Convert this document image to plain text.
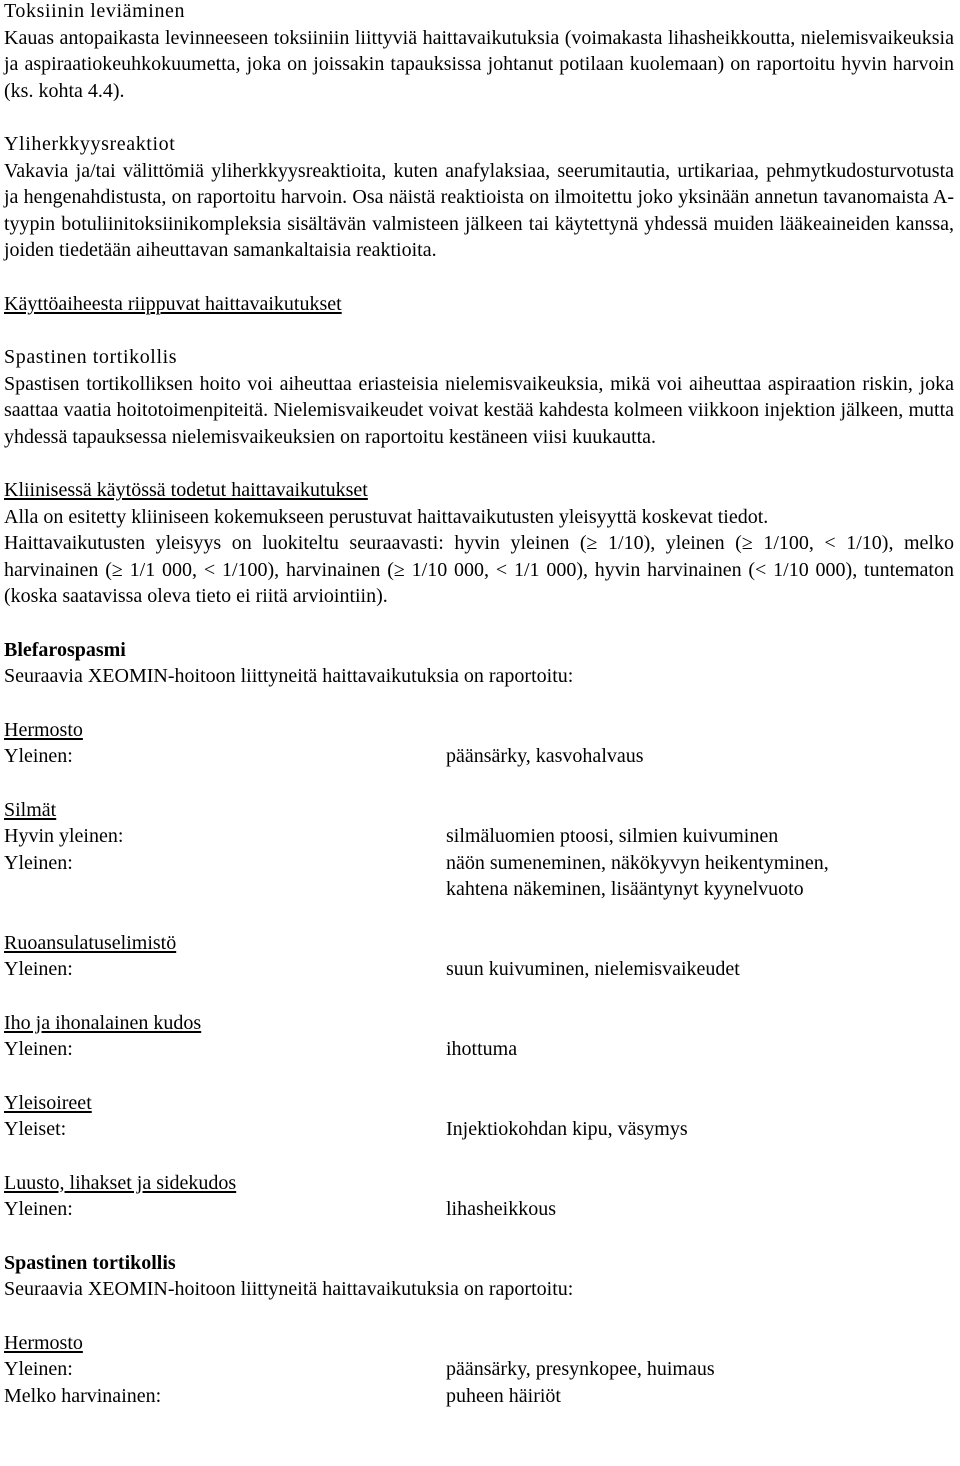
Toksiinin leviäminen

Kauas antopaikasta levinneeseen toksiiniin liittyviä haittavaikutuksia (voimakasta lihasheikkoutta, nielemisvaikeuksia ja aspiraatiokeuhkokuumetta, joka on joissakin tapauksissa johtanut potilaan kuolemaan) on raportoitu hyvin harvoin (ks. kohta 4.4).

Yliherkkyysreaktiot

Vakavia ja/tai välittömiä yliherkkyysreaktioita, kuten anafylaksiaa, seerumitautia, urtikariaa, pehmytkudosturvotusta ja hengenahdistusta, on raportoitu harvoin. Osa näistä reaktioista on ilmoitettu joko yksinään annetun tavanomaista A-tyypin botuliinitoksiinikompleksia sisältävän valmisteen jälkeen tai käytettynä yhdessä muiden lääkeaineiden kanssa, joiden tiedetään aiheuttavan samankaltaisia reaktioita.

Käyttöaiheesta riippuvat haittavaikutukset

Spastinen tortikollis

Spastisen tortikolliksen hoito voi aiheuttaa eriasteisia nielemisvaikeuksia, mikä voi aiheuttaa aspiraation riskin, joka saattaa vaatia hoitotoimenpiteitä. Nielemisvaikeudet voivat kestää kahdesta kolmeen viikkoon injektion jälkeen, mutta yhdessä tapauksessa nielemisvaikeuksien on raportoitu kestäneen viisi kuukautta.

Kliinisessä käytössä todetut haittavaikutukset

Alla on esitetty kliiniseen kokemukseen perustuvat haittavaikutusten yleisyyttä koskevat tiedot.

Haittavaikutusten yleisyys on luokiteltu seuraavasti: hyvin yleinen (≥ 1/10), yleinen (≥ 1/100, < 1/10), melko harvinainen (≥ 1/1 000, < 1/100), harvinainen (≥ 1/10 000, < 1/1 000), hyvin harvinainen (< 1/10 000), tuntematon (koska saatavissa oleva tieto ei riitä arviointiin).

Blefarospasmi

Seuraavia XEOMIN-hoitoon liittyneitä haittavaikutuksia on raportoitu:

Hermosto

Yleinen:	päänsärky, kasvohalvaus

Silmät

Hyvin yleinen:	silmäluomien ptoosi, silmien kuivuminen
Yleinen:	näön sumeneminen, näkökyvyn heikentyminen,
kahtena näkeminen, lisääntynyt kyynelvuoto

Ruoansulatuselimistö

Yleinen:	suun kuivuminen, nielemisvaikeudet

Iho ja ihonalainen kudos

Yleinen:	ihottuma

Yleisoireet

Yleiset:	Injektiokohdan kipu, väsymys

Luusto, lihakset ja sidekudos

Yleinen:	lihasheikkous

Spastinen tortikollis

Seuraavia XEOMIN-hoitoon liittyneitä haittavaikutuksia on raportoitu:

Hermosto

Yleinen:	päänsärky, presynkopee, huimaus
Melko harvinainen:	puheen häiriöt
